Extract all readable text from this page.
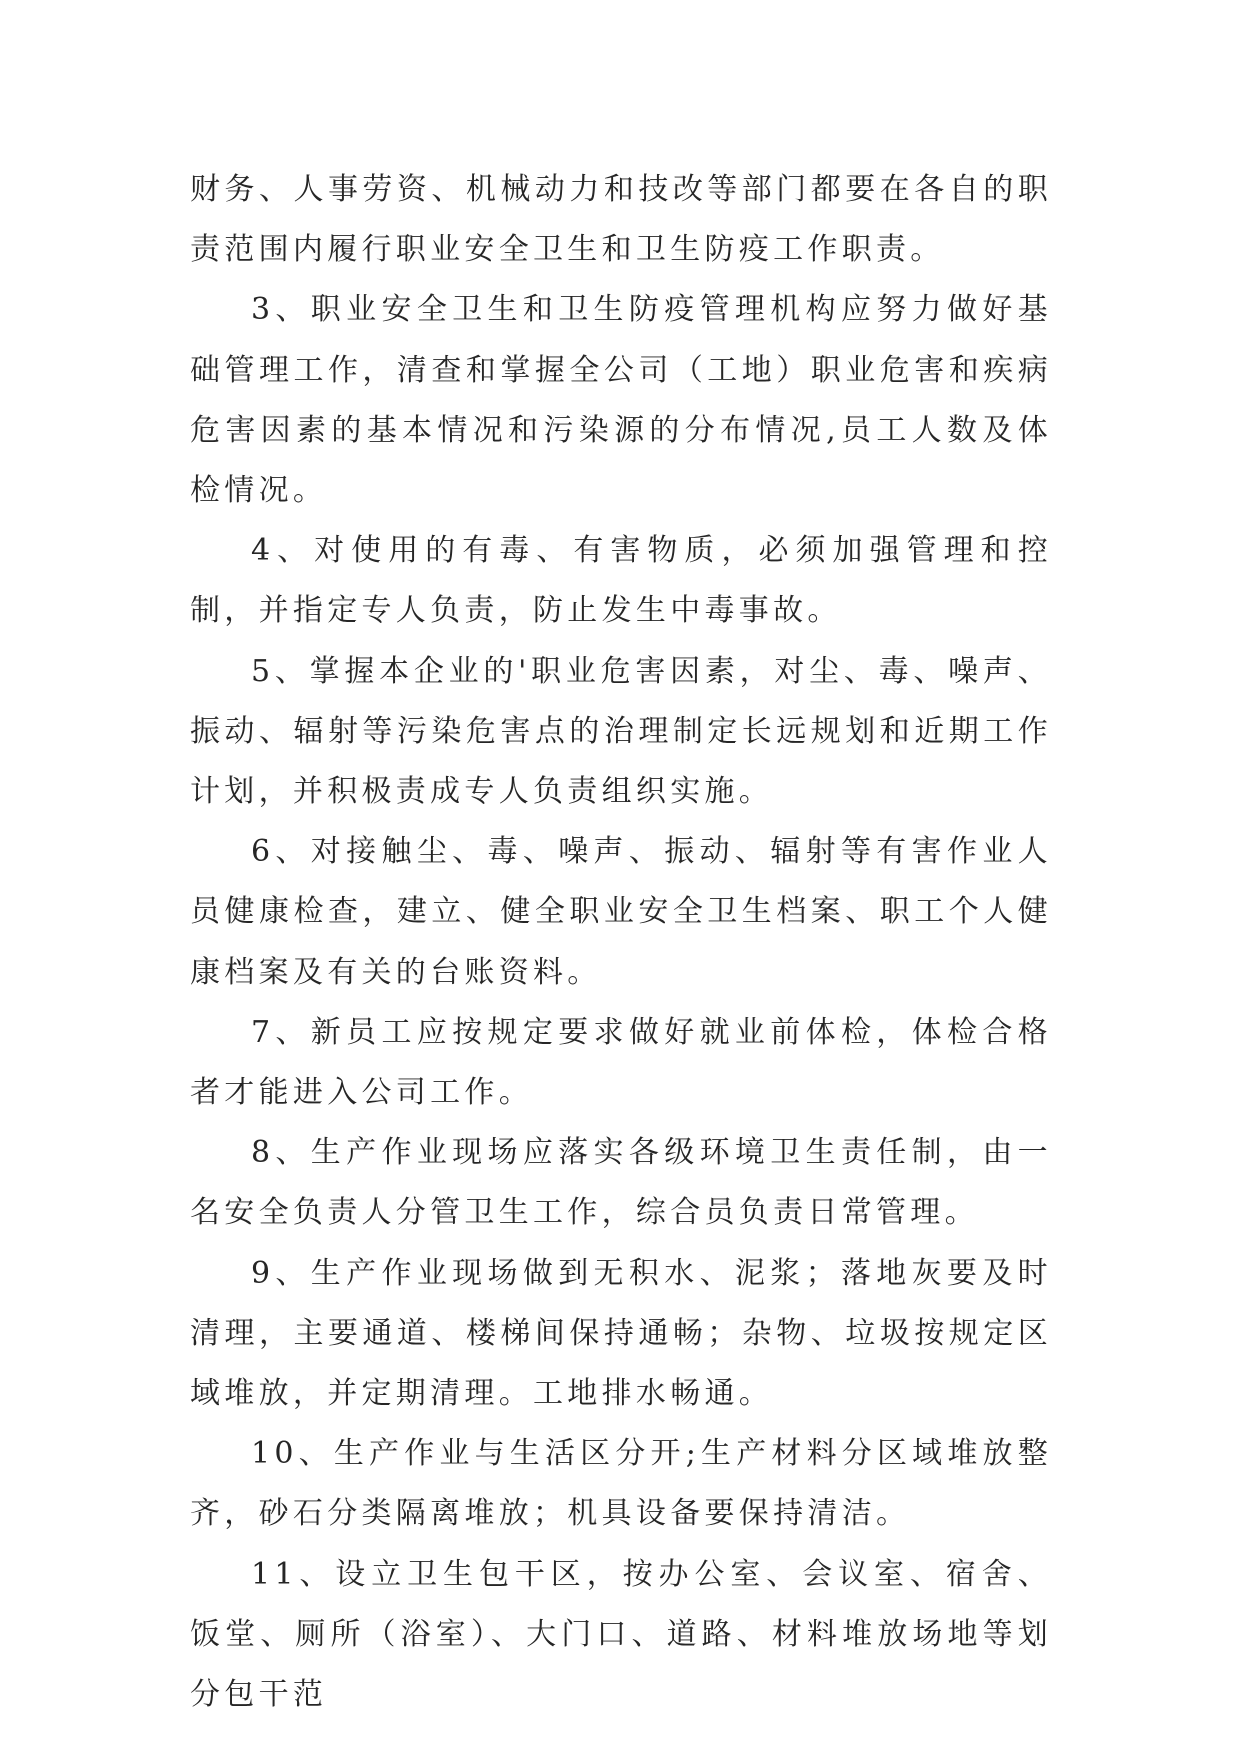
财务、人事劳资、机械动力和技改等部门都要在各自的职责范围内履行职业安全卫生和卫生防疫工作职责。

3、职业安全卫生和卫生防疫管理机构应努力做好基础管理工作，清查和掌握全公司（工地）职业危害和疾病危害因素的基本情况和污染源的分布情况,员工人数及体检情况。

4、对使用的有毒、有害物质，必须加强管理和控制，并指定专人负责，防止发生中毒事故。

5、掌握本企业的'职业危害因素，对尘、毒、噪声、振动、辐射等污染危害点的治理制定长远规划和近期工作计划，并积极责成专人负责组织实施。

6、对接触尘、毒、噪声、振动、辐射等有害作业人员健康检查，建立、健全职业安全卫生档案、职工个人健康档案及有关的台账资料。

7、新员工应按规定要求做好就业前体检，体检合格者才能进入公司工作。

8、生产作业现场应落实各级环境卫生责任制，由一名安全负责人分管卫生工作，综合员负责日常管理。

9、生产作业现场做到无积水、泥浆；落地灰要及时清理，主要通道、楼梯间保持通畅；杂物、垃圾按规定区域堆放，并定期清理。工地排水畅通。

10、生产作业与生活区分开;生产材料分区域堆放整齐，砂石分类隔离堆放；机具设备要保持清洁。

11、设立卫生包干区，按办公室、会议室、宿舍、饭堂、厕所（浴室）、大门口、道路、材料堆放场地等划分包干范
